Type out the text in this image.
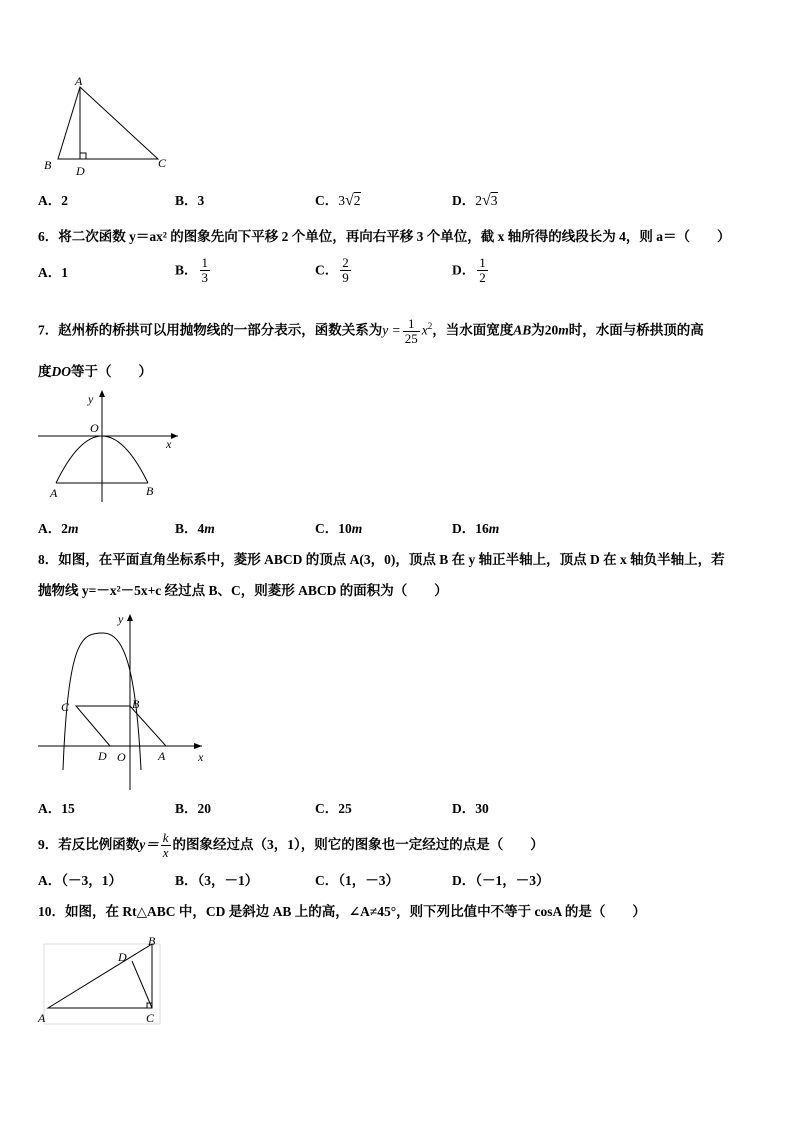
A
B	C
D
A．2	B．3	C．3√2	D．2√3
6．将二次函数 y＝ax² 的图象先向下平移 2 个单位，再向右平移 3 个单位，截 x 轴所得的线段长为 4，则 a＝（　　）
A．1	B． $\frac{1}{3}$	C． $\frac{2}{9}$	D． $\frac{1}{2}$
7．赵州桥的桥拱可以用抛物线的一部分表示，函数关系为$y = \frac{1}{25} x^2$，当水面宽度AB为20m时，水面与桥拱顶的高
度DO等于（　　）
y
x
O
A	B
A．2m	B．4m	C．10m	D．16m
8．如图，在平面直角坐标系中，菱形 ABCD 的顶点 A(3，0)，顶点 B 在 y 轴正半轴上，顶点 D 在 x 轴负半轴上，若
抛物线 y=－x²－5x+c 经过点 B、C，则菱形 ABCD 的面积为（　　）
y
x
O	A
B
C
D
A．15	B．20	C．25	D．30
9．若反比例函数$y= \frac{k}{x}$ 的图象经过点（3，1），则它的图象也一定经过的点是（　　）
A．（－3，1）	B．（3，－1）	C．（1，－3）	D．（－1，－3）
10．如图，在 Rt△ABC 中，CD 是斜边 AB 上的高，∠A≠45°，则下列比值中不等于 cosA 的是（　　）
A
B
C
D
